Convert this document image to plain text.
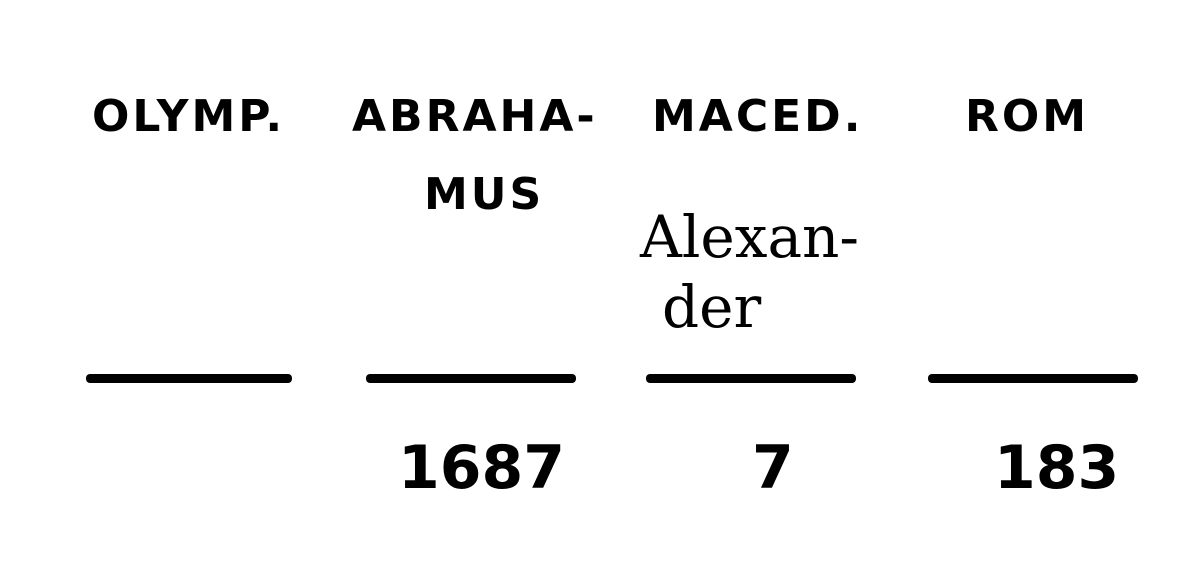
OLYMP. ABRAHA-
MUS
MACED. ROM
Alexan-
der
1687	7	183
